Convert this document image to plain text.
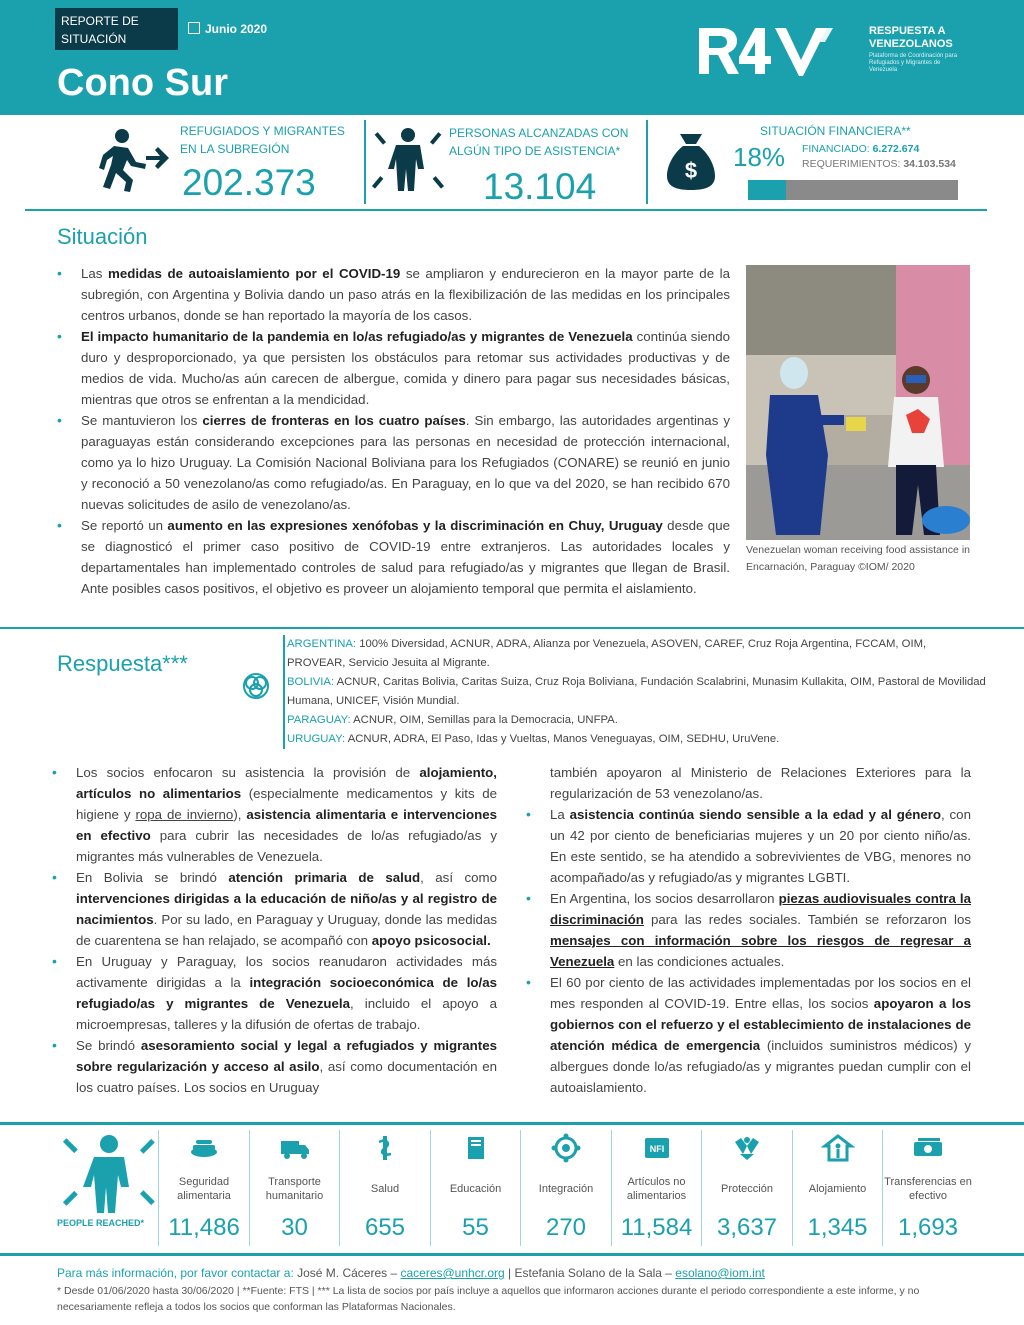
REPORTE DE
SITUACIÓN
Junio 2020
Cono Sur
RESPUESTA A
VENEZOLANOS
Plataforma de Coordinación para Refugiados y Migrantes de Venezuela
REFUGIADOS Y MIGRANTES
EN LA SUBREGIÓN
202.373
PERSONAS ALCANZADAS CON
ALGÚN TIPO DE ASISTENCIA*
13.104	$
SITUACIÓN FINANCIERA**
18% FINANCIADO: 6.272.674
REQUERIMIENTOS: 34.103.534
Situación

• Las medidas de autoaislamiento por el COVID-19 se ampliaron y endurecieron en la mayor parte de la subregión, con Argentina y Bolivia dando un paso atrás en la flexibilización de las medidas en los principales centros urbanos, donde se han reportado la mayoría de los casos.

• El impacto humanitario de la pandemia en lo/as refugiado/as y migrantes de Venezuela continúa siendo duro y desproporcionado, ya que persisten los obstáculos para retomar sus actividades productivas y de medios de vida. Mucho/as aún carecen de albergue, comida y dinero para pagar sus necesidades básicas, mientras que otros se enfrentan a la mendicidad.

• Se mantuvieron los cierres de fronteras en los cuatro países. Sin embargo, las autoridades argentinas y paraguayas están considerando excepciones para las personas en necesidad de protección internacional, como ya lo hizo Uruguay. La Comisión Nacional Boliviana para los Refugiados (CONARE) se reunió en junio y reconoció a 50 venezolano/as como refugiado/as. En Paraguay, en lo que va del 2020, se han recibido 670 nuevas solicitudes de asilo de venezolano/as.

• Se reportó un aumento en las expresiones xenófobas y la discriminación en Chuy, Uruguay desde que se diagnosticó el primer caso positivo de COVID-19 entre extranjeros. Las autoridades locales y departamentales han implementado controles de salud para refugiado/as y migrantes que llegan de Brasil. Ante posibles casos positivos, el objetivo es proveer un alojamiento temporal que permita el aislamiento.

Venezuelan woman receiving food assistance in Encarnación, Paraguay ©IOM/ 2020
Respuesta***
ARGENTINA: 100% Diversidad, ACNUR, ADRA, Alianza por Venezuela, ASOVEN, CAREF, Cruz Roja Argentina, FCCAM, OIM, PROVEAR, Servicio Jesuita al Migrante.
BOLIVIA: ACNUR, Caritas Bolivia, Caritas Suiza, Cruz Roja Boliviana, Fundación Scalabrini, Munasim Kullakita, OIM, Pastoral de Movilidad Humana, UNICEF, Visión Mundial.
PARAGUAY: ACNUR, OIM, Semillas para la Democracia, UNFPA.
URUGUAY: ACNUR, ADRA, El Paso, Idas y Vueltas, Manos Veneguayas, OIM, SEDHU, UruVene.

• Los socios enfocaron su asistencia la provisión de alojamiento, artículos no alimentarios (especialmente medicamentos y kits de higiene y ropa de invierno), asistencia alimentaria e intervenciones en efectivo para cubrir las necesidades de lo/as refugiado/as y migrantes más vulnerables de Venezuela.

• En Bolivia se brindó atención primaria de salud, así como intervenciones dirigidas a la educación de niño/as y al registro de nacimientos. Por su lado, en Paraguay y Uruguay, donde las medidas de cuarentena se han relajado, se acompañó con apoyo psicosocial.

• En Uruguay y Paraguay, los socios reanudaron actividades más activamente dirigidas a la integración socioeconómica de lo/as refugiado/as y migrantes de Venezuela, incluido el apoyo a microempresas, talleres y la difusión de ofertas de trabajo.

• Se brindó asesoramiento social y legal a refugiados y migrantes sobre regularización y acceso al asilo, así como documentación en los cuatro países. Los socios en Uruguay

también apoyaron al Ministerio de Relaciones Exteriores para la regularización de 53 venezolano/as.

• La asistencia continúa siendo sensible a la edad y al género, con un 42 por ciento de beneficiarias mujeres y un 20 por ciento niño/as. En este sentido, se ha atendido a sobrevivientes de VBG, menores no acompañado/as y refugiado/as y migrantes LGBTI.

• En Argentina, los socios desarrollaron piezas audiovisuales contra la discriminación para las redes sociales. También se reforzaron los mensajes con información sobre los riesgos de regresar a Venezuela en las condiciones actuales.

• El 60 por ciento de las actividades implementadas por los socios en el mes responden al COVID-19. Entre ellas, los socios apoyaron a los gobiernos con el refuerzo y el establecimiento de instalaciones de atención médica de emergencia (incluidos suministros médicos) y albergues donde lo/as refugiado/as y migrantes puedan cumplir con el autoaislamiento.

PEOPLE REACHED*
Seguridad alimentaria
11,486
Transporte humanitario
30
Salud
655
Educación
55
Integración
270
NFI
Artículos no alimentarios
11,584
Protección
3,637
Alojamiento
1,345
Transferencias en efectivo
1,693
Para más información, por favor contactar a: José M. Cáceres – caceres@unhcr.org | Estefania Solano de la Sala – esolano@iom.int
* Desde 01/06/2020 hasta 30/06/2020 | **Fuente: FTS | *** La lista de socios por país incluye a aquellos que informaron acciones durante el periodo correspondiente a este informe, y no necesariamente refleja a todos los socios que conforman las Plataformas Nacionales.
